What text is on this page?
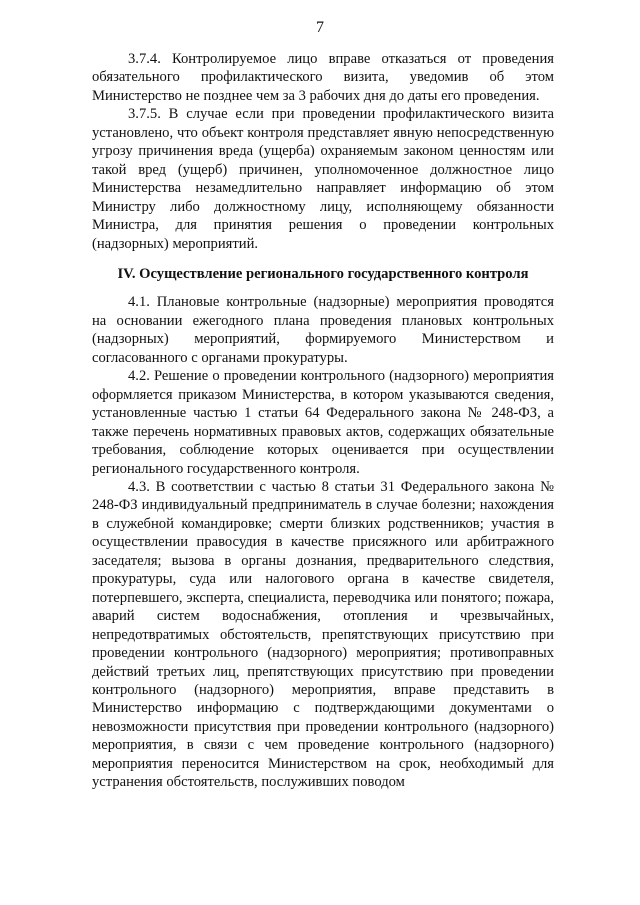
7

3.7.4. Контролируемое лицо вправе отказаться от проведения обязательного профилактического визита, уведомив об этом Министерство не позднее чем за 3 рабочих дня до даты его проведения.

3.7.5. В случае если при проведении профилактического визита установлено, что объект контроля представляет явную непосредственную угрозу причинения вреда (ущерба) охраняемым законом ценностям или такой вред (ущерб) причинен, уполномоченное должностное лицо Министерства незамедлительно направляет информацию об этом Министру либо должностному лицу, исполняющему обязанности Министра, для принятия решения о проведении контрольных (надзорных) мероприятий.

IV. Осуществление регионального государственного контроля

4.1. Плановые контрольные (надзорные) мероприятия проводятся на основании ежегодного плана проведения плановых контрольных (надзорных) мероприятий, формируемого Министерством и согласованного с органами прокуратуры.

4.2. Решение о проведении контрольного (надзорного) мероприятия оформляется приказом Министерства, в котором указываются сведения, установленные частью 1 статьи 64 Федерального закона № 248-ФЗ, а также перечень нормативных правовых актов, содержащих обязательные требования, соблюдение которых оценивается при осуществлении регионального государственного контроля.

4.3. В соответствии с частью 8 статьи 31 Федерального закона № 248-ФЗ индивидуальный предприниматель в случае болезни; нахождения в служебной командировке; смерти близких родственников; участия в осуществлении правосудия в качестве присяжного или арбитражного заседателя; вызова в органы дознания, предварительного следствия, прокуратуры, суда или налогового органа в качестве свидетеля, потерпевшего, эксперта, специалиста, переводчика или понятого; пожара, аварий систем водоснабжения, отопления и чрезвычайных, непредотвратимых обстоятельств, препятствующих присутствию при проведении контрольного (надзорного) мероприятия; противоправных действий третьих лиц, препятствующих присутствию при проведении контрольного (надзорного) мероприятия, вправе представить в Министерство информацию с подтверждающими документами о невозможности присутствия при проведении контрольного (надзорного) мероприятия, в связи с чем проведение контрольного (надзорного) мероприятия переносится Министерством на срок, необходимый для устранения обстоятельств, послуживших поводом
